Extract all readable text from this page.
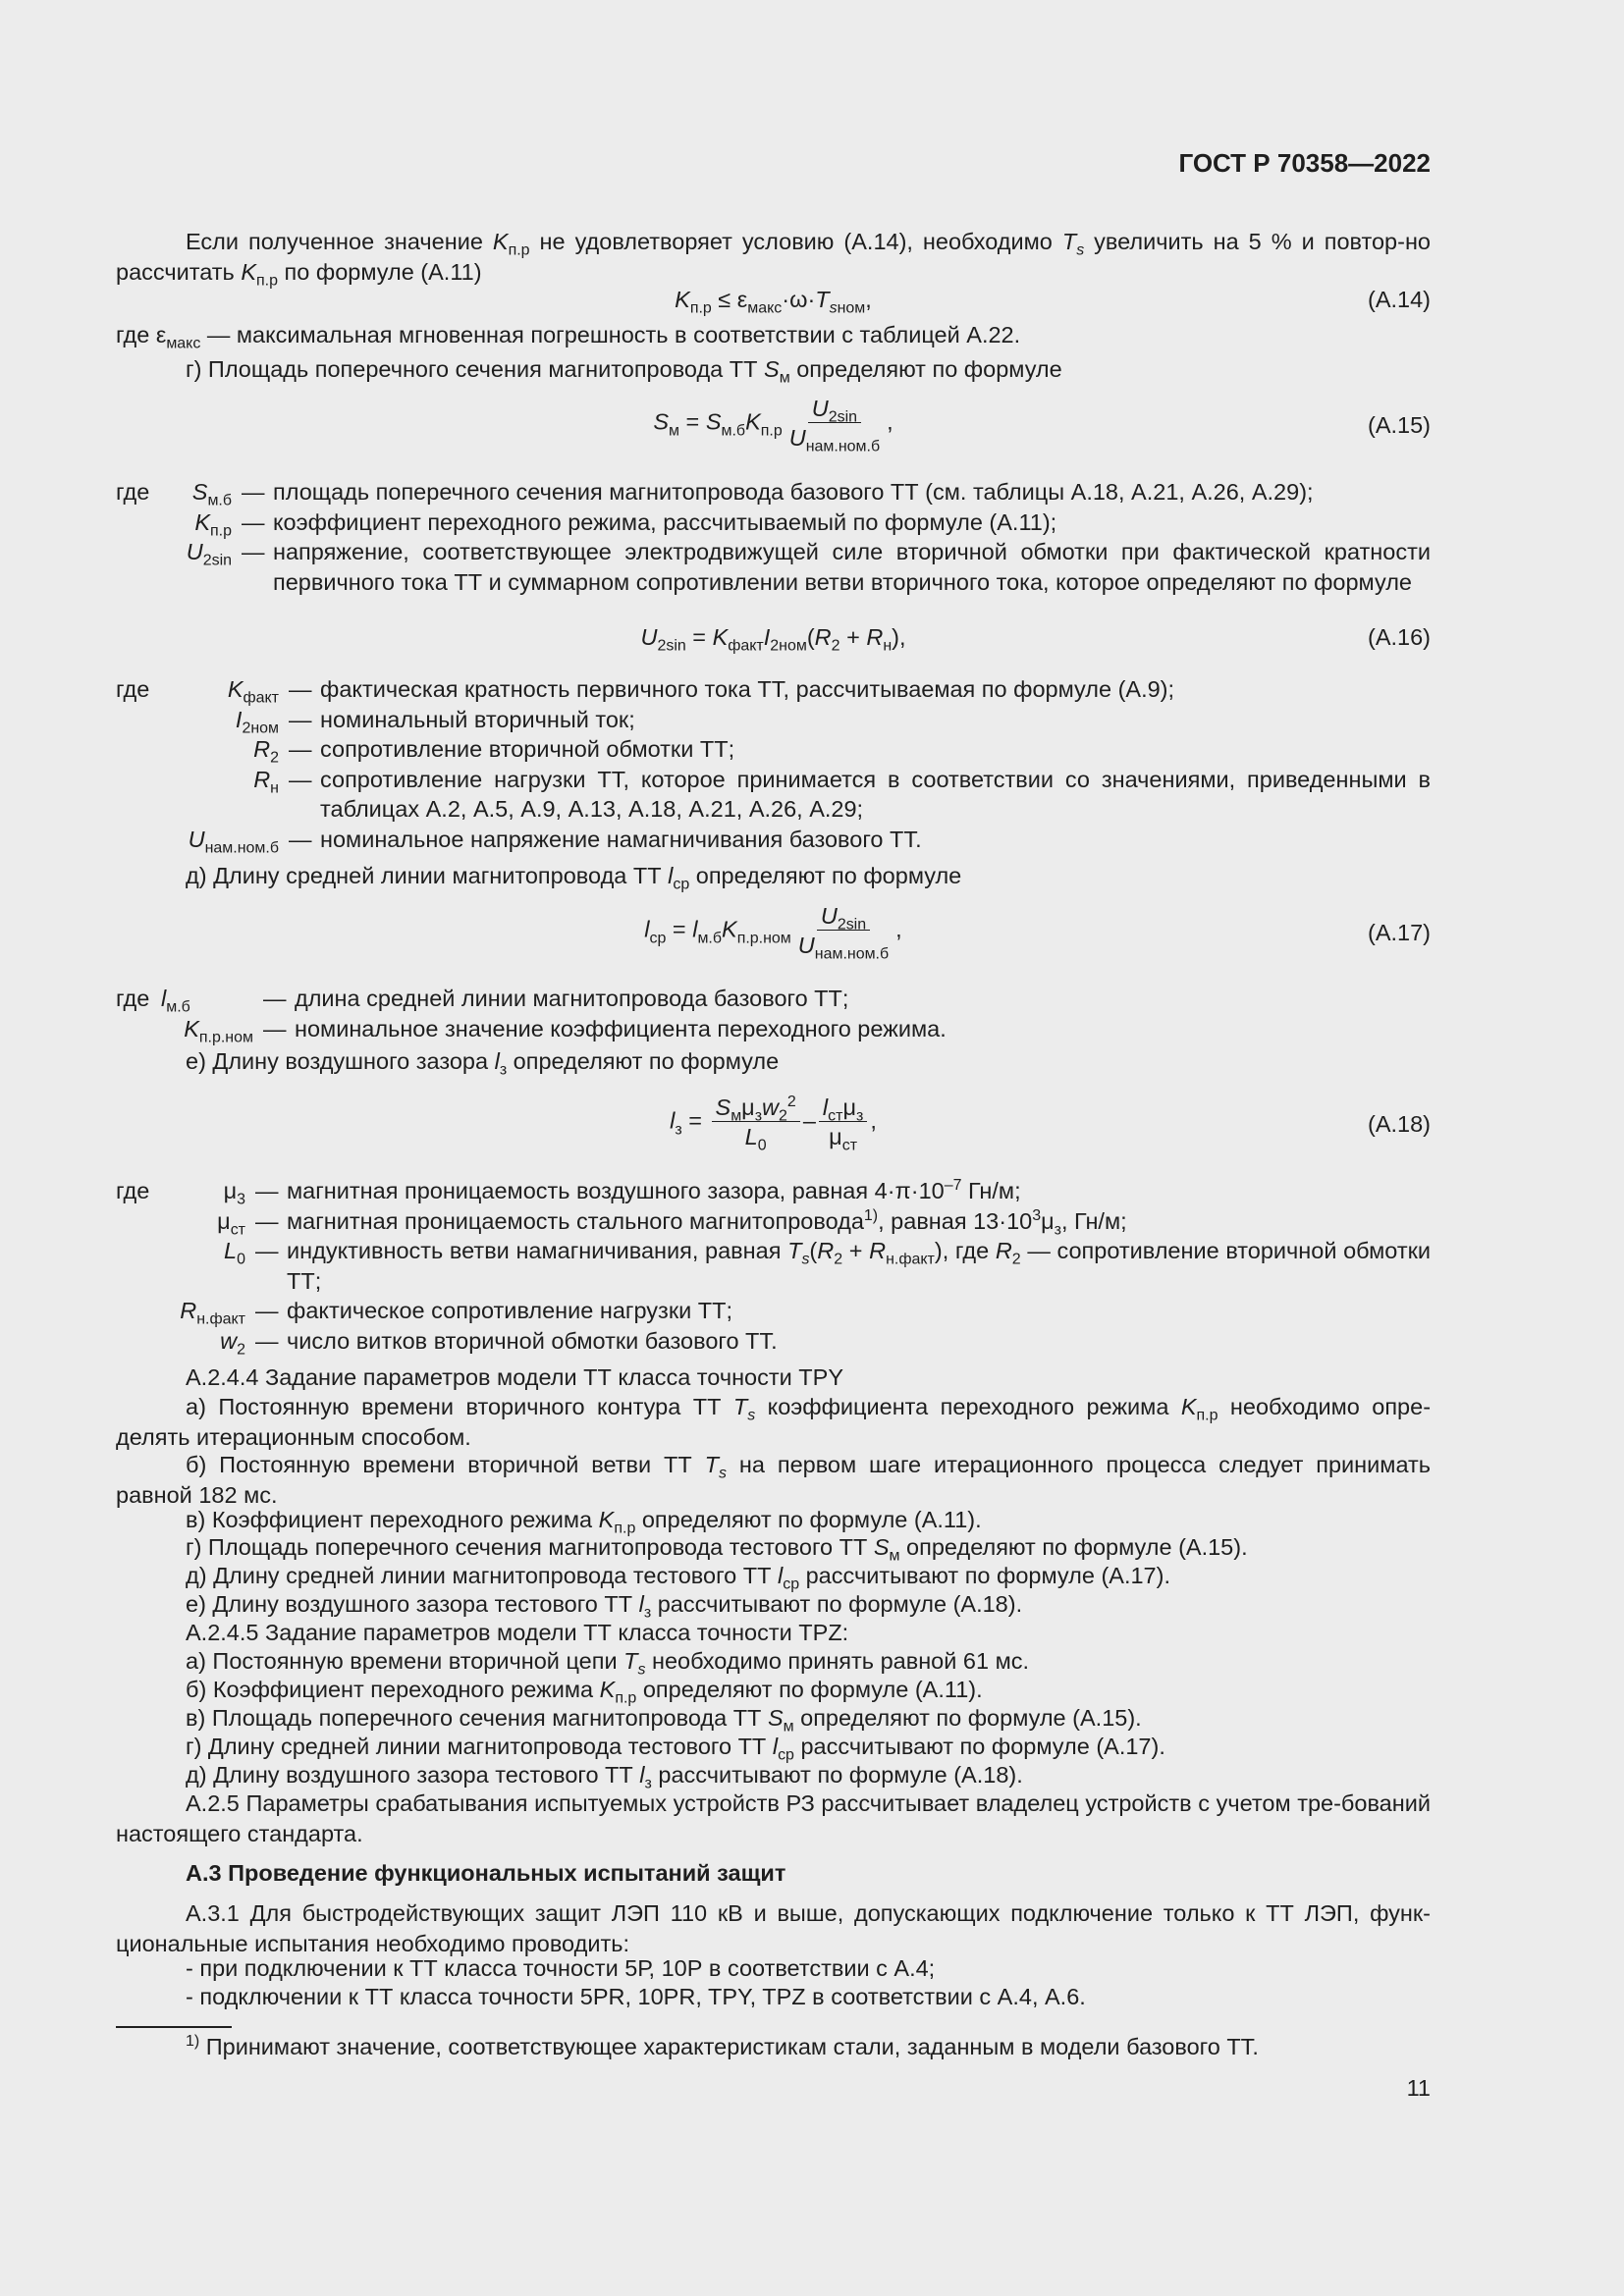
ГОСТ Р 70358—2022
Если полученное значение $K_{п.р}$ не удовлетворяет условию (А.14), необходимо $T_s$ увеличить на 5 % и повтор-но рассчитать $K_{п.р}$ по формуле (А.11)
$K_{п.р} \le \varepsilon_{макс}\cdot\omega\cdot T_{sном}$,	(А.14)
где $\varepsilon_{макс}$ — максимальная мгновенная погрешность в соответствии с таблицей А.22.
г) Площадь поперечного сечения магнитопровода ТТ $S_м$ определяют по формуле
$S_м = S_{м.б}K_{п.р} \frac{U_{2sin}}{U_{нам.ном.б}}$ ,	(А.15)
где	$S_{м.б}$ — площадь поперечного сечения магнитопровода базового ТТ (см. таблицы А.18, А.21, А.26, А.29);
$K_{п.р}$ — коэффициент переходного режима, рассчитываемый по формуле (А.11);
$U_{2sin}$ — напряжение, соответствующее электродвижущей силе вторичной обмотки при фактической кратности первичного тока ТТ и суммарном сопротивлении ветви вторичного тока, которое определяют по формуле
$U_{2sin} = K_{факт}I_{2ном}(R_2 + R_н)$,	(А.16)
где	$K_{факт}$ — фактическая кратность первичного тока ТТ, рассчитываемая по формуле (А.9);
$I_{2ном}$ — номинальный вторичный ток;
$R_2$ — сопротивление вторичной обмотки ТТ;
$R_н$ — сопротивление нагрузки ТТ, которое принимается в соответствии со значениями, приведенными в таблицах А.2, А.5, А.9, А.13, А.18, А.21, А.26, А.29;
$U_{нам.ном.б}$ — номинальное напряжение намагничивания базового ТТ.
д) Длину средней линии магнитопровода ТТ $l_{ср}$ определяют по формуле
$l_{ср} = l_{м.б}K_{п.р.ном} \frac{U_{2sin}}{U_{нам.ном.б}}$ ,	(А.17)
где $l_{м.б}$	— длина средней линии магнитопровода базового ТТ;
$K_{п.р.ном}$ — номинальное значение коэффициента переходного режима.
е) Длину воздушного зазора $l_з$ определяют по формуле
$l_з = \frac{S_м\mu_зw_2^2}{L_0} - \frac{l_{ст}\mu_з}{\mu_{ст}}$ ,	(А.18)
где	$\mu_3$ — магнитная проницаемость воздушного зазора, равная $4\cdot\pi\cdot 10^{-7}$ Гн/м;
$\mu_{ст}$ — магнитная проницаемость стального магнитопровода$^{1)}$, равная $13\cdot 10^3\mu_з$, Гн/м;
$L_0$ — индуктивность ветви намагничивания, равная $T_s(R_2 + R_{н.факт})$, где $R_2$ — сопротивление вторичной обмотки ТТ;
$R_{н.факт}$ — фактическое сопротивление нагрузки ТТ;
$w_2$ — число витков вторичной обмотки базового ТТ.
А.2.4.4 Задание параметров модели ТТ класса точности TPY
а) Постоянную времени вторичного контура ТТ $T_s$ коэффициента переходного режима $K_{п.р}$ необходимо опре-делять итерационным способом.
б) Постоянную времени вторичной ветви ТТ $T_s$ на первом шаге итерационного процесса следует принимать равной 182 мс.
в) Коэффициент переходного режима $K_{п.р}$ определяют по формуле (А.11).
г) Площадь поперечного сечения магнитопровода тестового ТТ $S_м$ определяют по формуле (А.15).
д) Длину средней линии магнитопровода тестового ТТ $l_{ср}$ рассчитывают по формуле (А.17).
е) Длину воздушного зазора тестового ТТ $l_з$ рассчитывают по формуле (А.18).
А.2.4.5 Задание параметров модели ТТ класса точности TPZ:
а) Постоянную времени вторичной цепи $T_s$ необходимо принять равной 61 мс.
б) Коэффициент переходного режима $K_{п.р}$ определяют по формуле (А.11).
в) Площадь поперечного сечения магнитопровода ТТ $S_м$ определяют по формуле (А.15).
г) Длину средней линии магнитопровода тестового ТТ $l_{ср}$ рассчитывают по формуле (А.17).
д) Длину воздушного зазора тестового ТТ $l_з$ рассчитывают по формуле (А.18).
А.2.5 Параметры срабатывания испытуемых устройств РЗ рассчитывает владелец устройств с учетом тре-бований настоящего стандарта.
А.3 Проведение функциональных испытаний защит
А.3.1 Для быстродействующих защит ЛЭП 110 кВ и выше, допускающих подключение только к ТТ ЛЭП, функ-циональные испытания необходимо проводить:
- при подключении к ТТ класса точности 5Р, 10Р в соответствии с А.4;
- подключении к ТТ класса точности 5PR, 10PR, TPY, TPZ в соответствии с А.4, А.6.
$^{1)}$ Принимают значение, соответствующее характеристикам стали, заданным в модели базового ТТ.
11
